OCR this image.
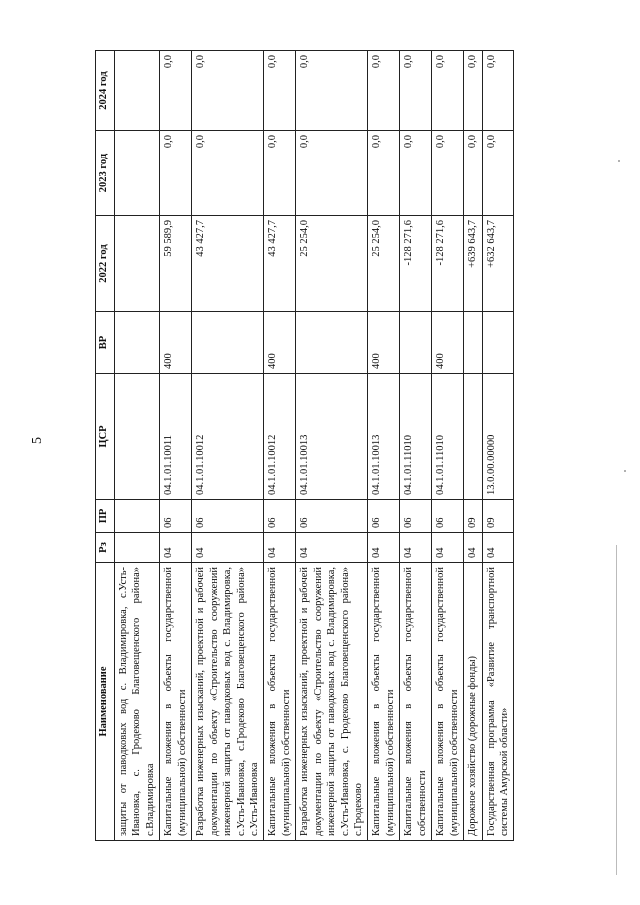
5
Наименование	Рз	ПР	ЦСР	ВР	2022 год	2023 год	2024 год
защиты от паводковых вод с. Владимировка, с.Усть-Ивановка, с. Гродеково Благовещенского района» с.Владимировка							
Капитальные вложения в объекты государственной (муниципальной) собственности	04	06	04.1.01.10011	400	59 589,9	0,0	0,0
Разработка инженерных изысканий, проектной и рабочей документации по объекту «Строительство сооружений инженерной защиты от паводковых вод с. Владимировка, с.Усть-Ивановка, с.Гродеково Благовещенского района» с.Усть-Ивановка	04	06	04.1.01.10012		43 427,7	0,0	0,0
Капитальные вложения в объекты государственной (муниципальной) собственности	04	06	04.1.01.10012	400	43 427,7	0,0	0,0
Разработка инженерных изысканий, проектной и рабочей документации по объекту «Строительство сооружений инженерной защиты от паводковых вод с. Владимировка, с.Усть-Ивановка, с. Гродеково Благовещенского района» с.Гродеково	04	06	04.1.01.10013		25 254,0	0,0	0,0
Капитальные вложения в объекты государственной (муниципальной) собственности	04	06	04.1.01.10013	400	25 254,0	0,0	0,0
Капитальные вложения в объекты государственной собственности	04	06	04.1.01.11010		-128 271,6	0,0	0,0
Капитальные вложения в объекты государственной (муниципальной) собственности	04	06	04.1.01.11010	400	-128 271,6	0,0	0,0
Дорожное хозяйство (дорожные фонды)	04	09			+639 643,7	0,0	0,0
Государственная программа «Развитие транспортной системы Амурской области»	04	09	13.0.00.00000		+632 643,7	0,0	0,0
